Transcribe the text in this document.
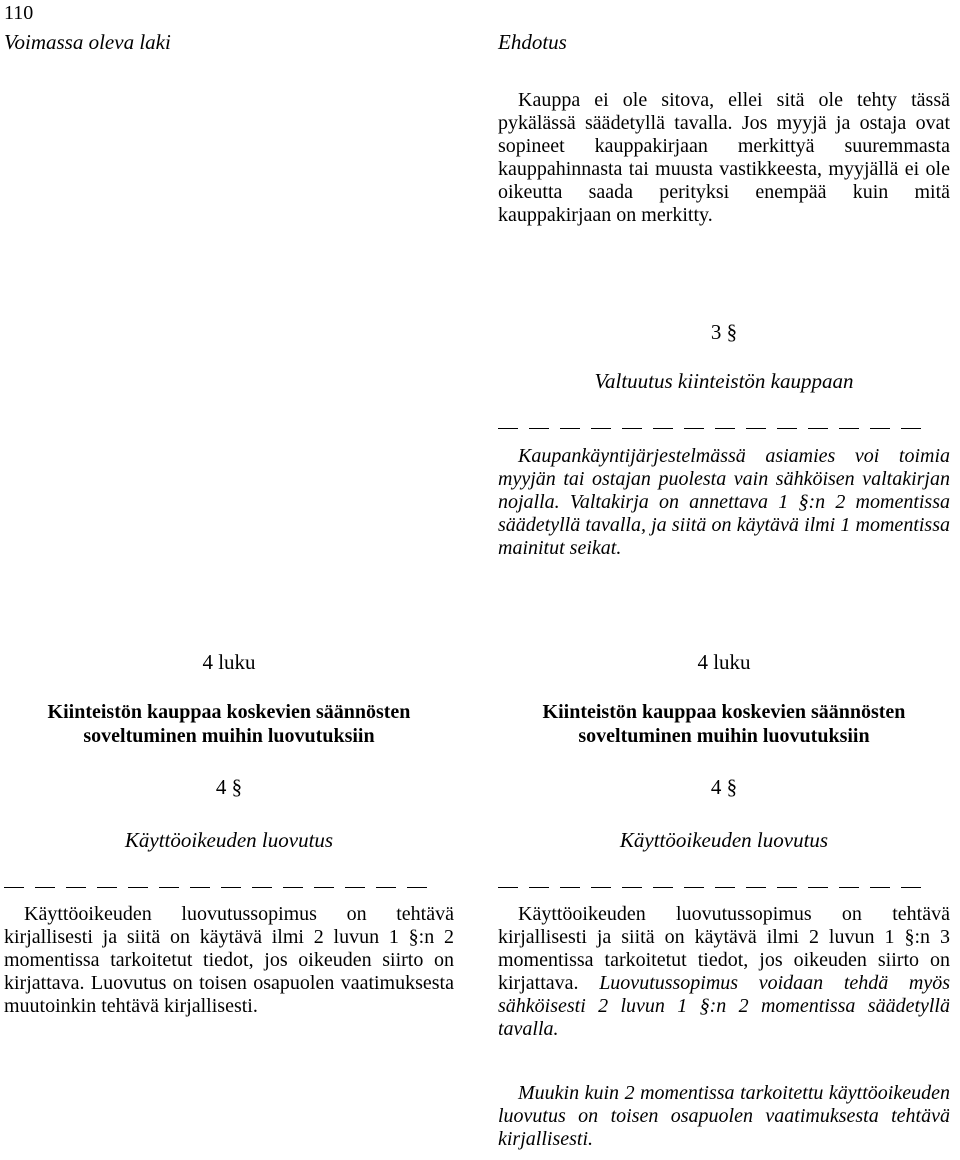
110
Voimassa oleva laki	Ehdotus

Kauppa ei ole sitova, ellei sitä ole tehty tässä pykälässä säädetyllä tavalla. Jos myyjä ja ostaja ovat sopineet kauppakirjaan merkittyä suuremmasta kauppahinnasta tai muusta vastikkeesta, myyjällä ei ole oikeutta saada perityksi enempää kuin mitä kauppakirjaan on merkitty.

3 §
Valtuutus kiinteistön kauppaan

Kaupankäyntijärjestelmässä asiamies voi toimia myyjän tai ostajan puolesta vain sähköisen valtakirjan nojalla. Valtakirja on annettava 1 §:n 2 momentissa säädetyllä tavalla, ja siitä on käytävä ilmi 1 momentissa mainitut seikat.

4 luku
Kiinteistön kauppaa koskevien säännösten soveltuminen muihin luovutuksiin
4 §
Käyttöoikeuden luovutus

Käyttöoikeuden luovutussopimus on tehtävä kirjallisesti ja siitä on käytävä ilmi 2 luvun 1 §:n 2 momentissa tarkoitetut tiedot, jos oikeuden siirto on kirjattava. Luovutus on toisen osapuolen vaatimuksesta muutoinkin tehtävä kirjallisesti.

4 luku
Kiinteistön kauppaa koskevien säännösten soveltuminen muihin luovutuksiin
4 §
Käyttöoikeuden luovutus

Käyttöoikeuden luovutussopimus on tehtävä kirjallisesti ja siitä on käytävä ilmi 2 luvun 1 §:n 3 momentissa tarkoitetut tiedot, jos oikeuden siirto on kirjattava. Luovutussopimus voidaan tehdä myös sähköisesti 2 luvun 1 §:n 2 momentissa säädetyllä tavalla.

Muukin kuin 2 momentissa tarkoitettu käyttöoikeuden luovutus on toisen osapuolen vaatimuksesta tehtävä kirjallisesti.
